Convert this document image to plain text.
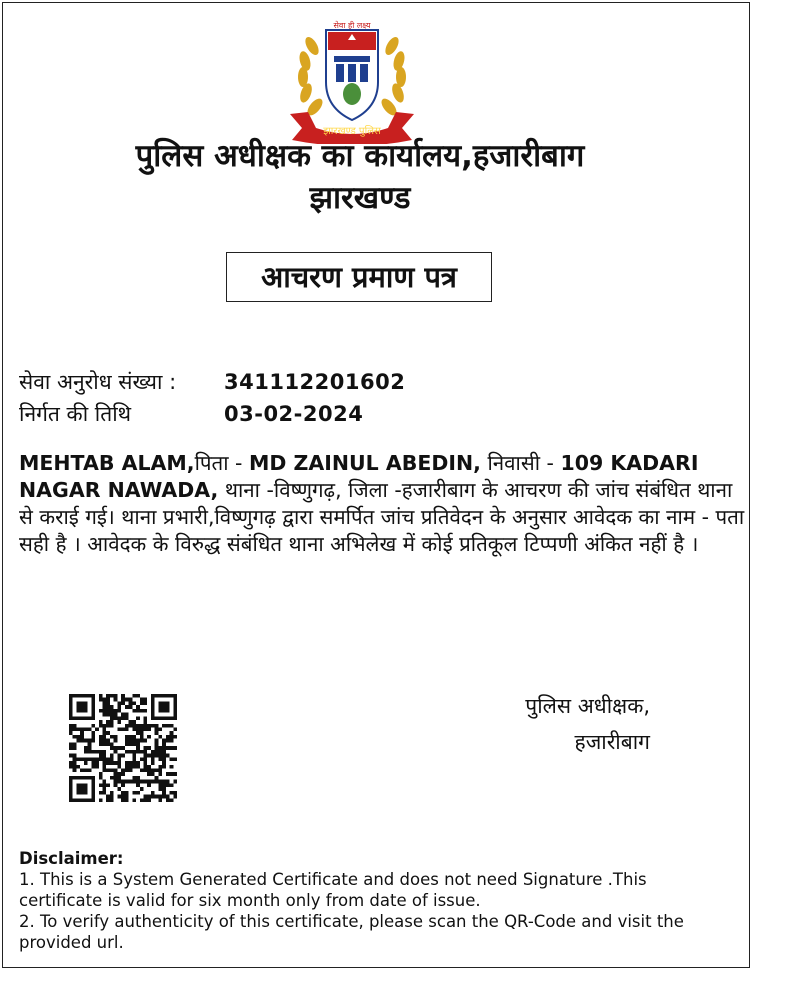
सेवा ही लक्ष्य
झारखण्ड पुलिस
पुलिस अधीक्षक का कार्यालय,हजारीबाग
झारखण्ड
आचरण प्रमाण पत्र
सेवा अनुरोध संख्या : 341112201602
निर्गत की तिथि	03-02-2024
MEHTAB ALAM,पिता - MD ZAINUL ABEDIN, निवासी - 109 KADARI NAGAR NAWADA, थाना -विष्णुगढ़, जिला -हजारीबाग के आचरण की जांच संबंधित थाना से कराई गई। थाना प्रभारी,विष्णुगढ़ द्वारा समर्पित जांच प्रतिवेदन के अनुसार आवेदक का नाम - पता सही है । आवेदक के विरुद्ध संबंधित थाना अभिलेख में कोई प्रतिकूल टिप्पणी अंकित नहीं है ।
पुलिस अधीक्षक,
हजारीबाग
Disclaimer:
1. This is a System Generated Certificate and does not need Signature .This certificate is valid for six month only from date of issue.
2. To verify authenticity of this certificate, please scan the QR-Code and visit the provided url.
